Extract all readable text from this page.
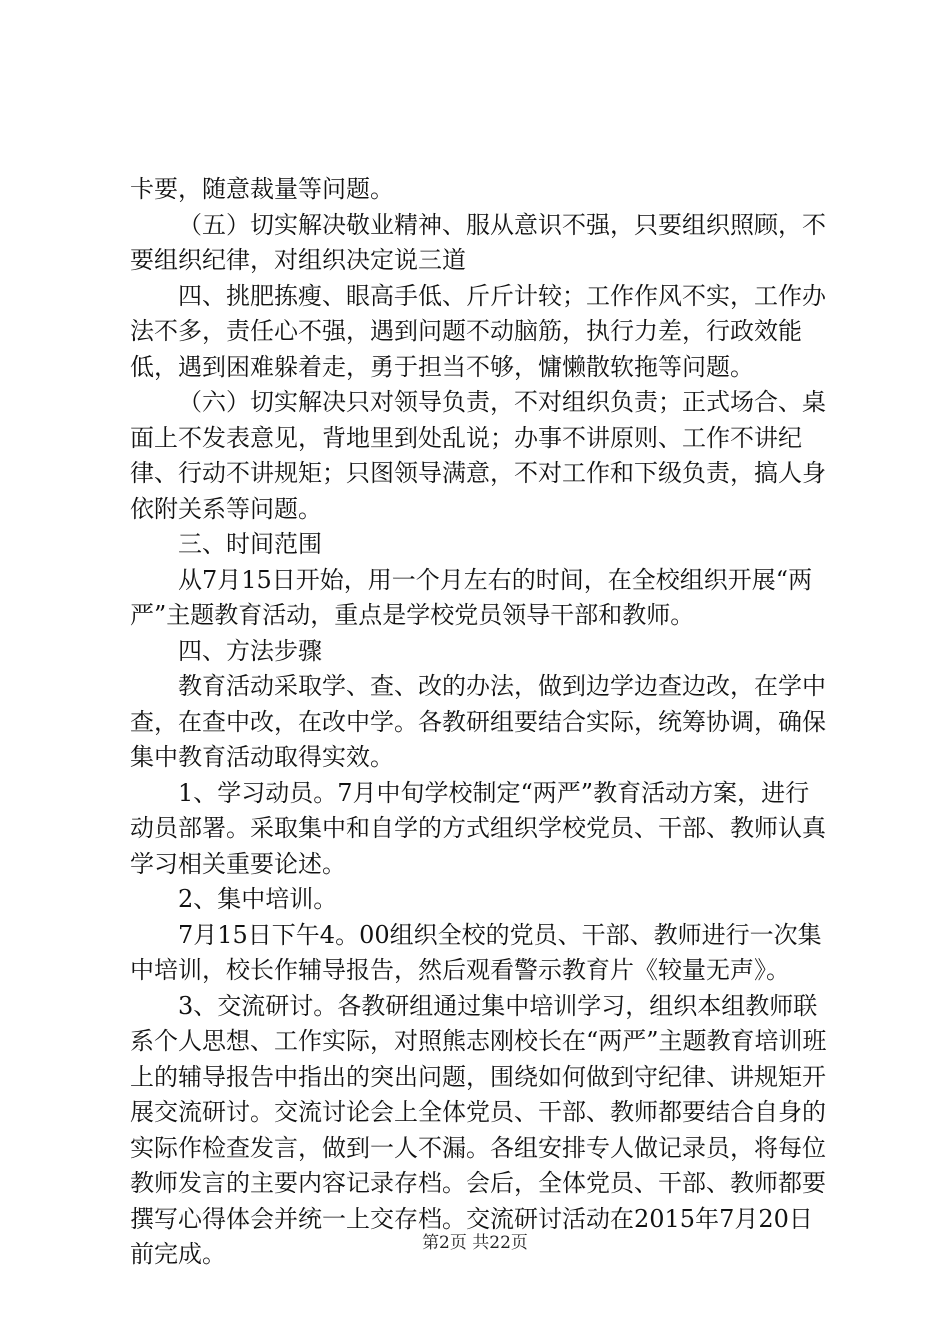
卡要，随意裁量等问题。

（五）切实解决敬业精神、服从意识不强，只要组织照顾，不要组织纪律，对组织决定说三道

四、挑肥拣瘦、眼高手低、斤斤计较；工作作风不实，工作办法不多，责任心不强，遇到问题不动脑筋，执行力差，行政效能低，遇到困难躲着走，勇于担当不够，慵懒散软拖等问题。

（六）切实解决只对领导负责，不对组织负责；正式场合、桌面上不发表意见，背地里到处乱说；办事不讲原则、工作不讲纪律、行动不讲规矩；只图领导满意，不对工作和下级负责，搞人身依附关系等问题。

三、时间范围

从7月15日开始，用一个月左右的时间，在全校组织开展“两严”主题教育活动，重点是学校党员领导干部和教师。

四、方法步骤

教育活动采取学、查、改的办法，做到边学边查边改，在学中查，在查中改，在改中学。各教研组要结合实际，统筹协调，确保集中教育活动取得实效。

1、学习动员。7月中旬学校制定“两严”教育活动方案，进行动员部署。采取集中和自学的方式组织学校党员、干部、教师认真学习相关重要论述。

2、集中培训。

7月15日下午4。00组织全校的党员、干部、教师进行一次集中培训，校长作辅导报告，然后观看警示教育片《较量无声》。

3、交流研讨。各教研组通过集中培训学习，组织本组教师联系个人思想、工作实际，对照熊志刚校长在“两严”主题教育培训班上的辅导报告中指出的突出问题，围绕如何做到守纪律、讲规矩开展交流研讨。交流讨论会上全体党员、干部、教师都要结合自身的实际作检查发言，做到一人不漏。各组安排专人做记录员，将每位教师发言的主要内容记录存档。会后，全体党员、干部、教师都要撰写心得体会并统一上交存档。交流研讨活动在2015年7月20日前完成。	第2页 共22页
